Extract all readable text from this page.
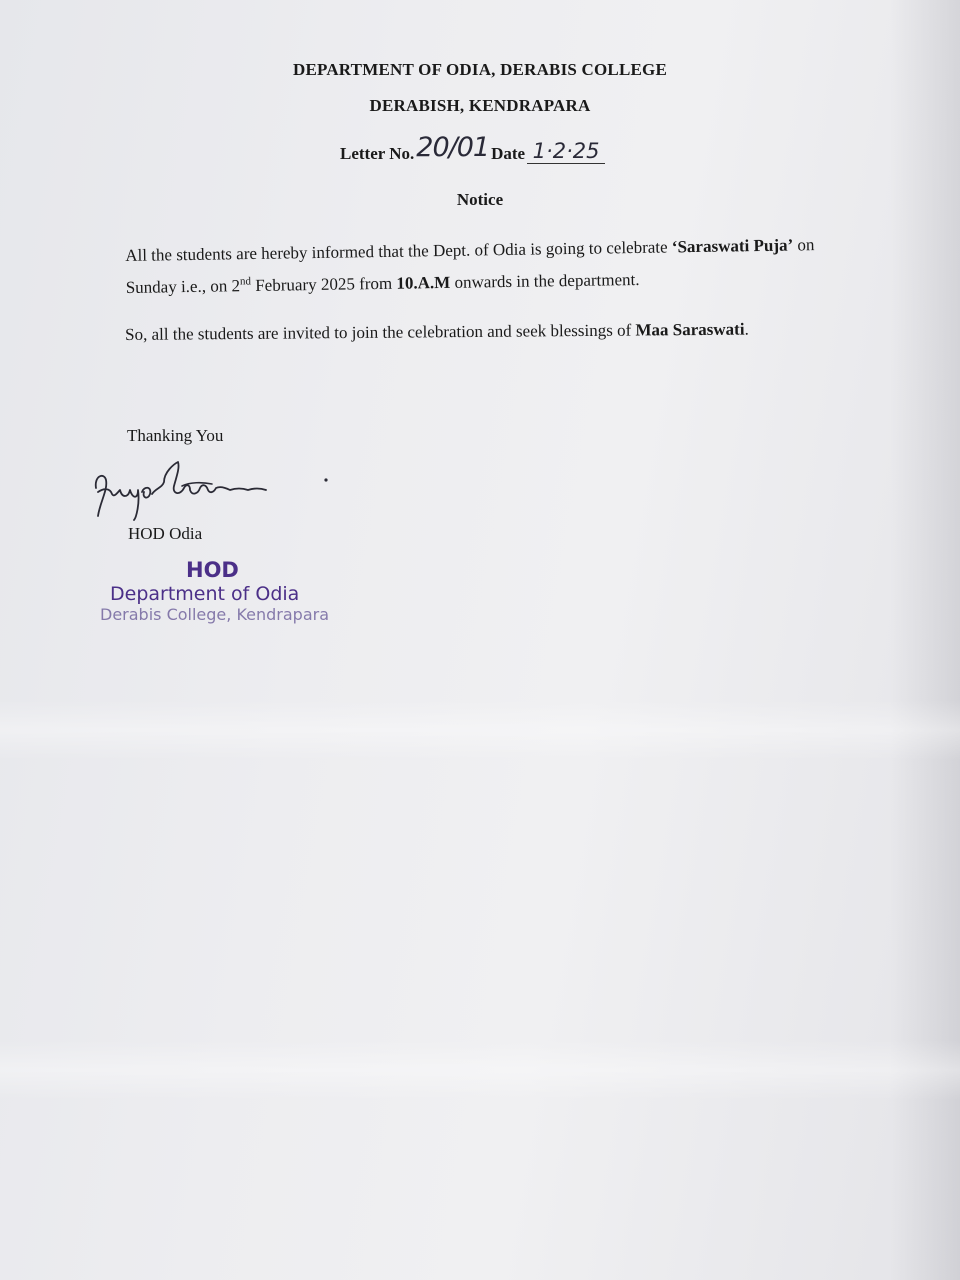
DEPARTMENT OF ODIA, DERABIS COLLEGE
DERABISH, KENDRAPARA
Letter No. 20/01 Date 1·2·25
Notice
All the students are hereby informed that the Dept. of Odia is going to celebrate ‘Saraswati Puja’ on Sunday i.e., on 2nd February 2025 from 10.A.M onwards in the department.
So, all the students are invited to join the celebration and seek blessings of Maa Saraswati.
Thanking You
HOD Odia
HOD
Department of Odia
Derabis College, Kendrapara
